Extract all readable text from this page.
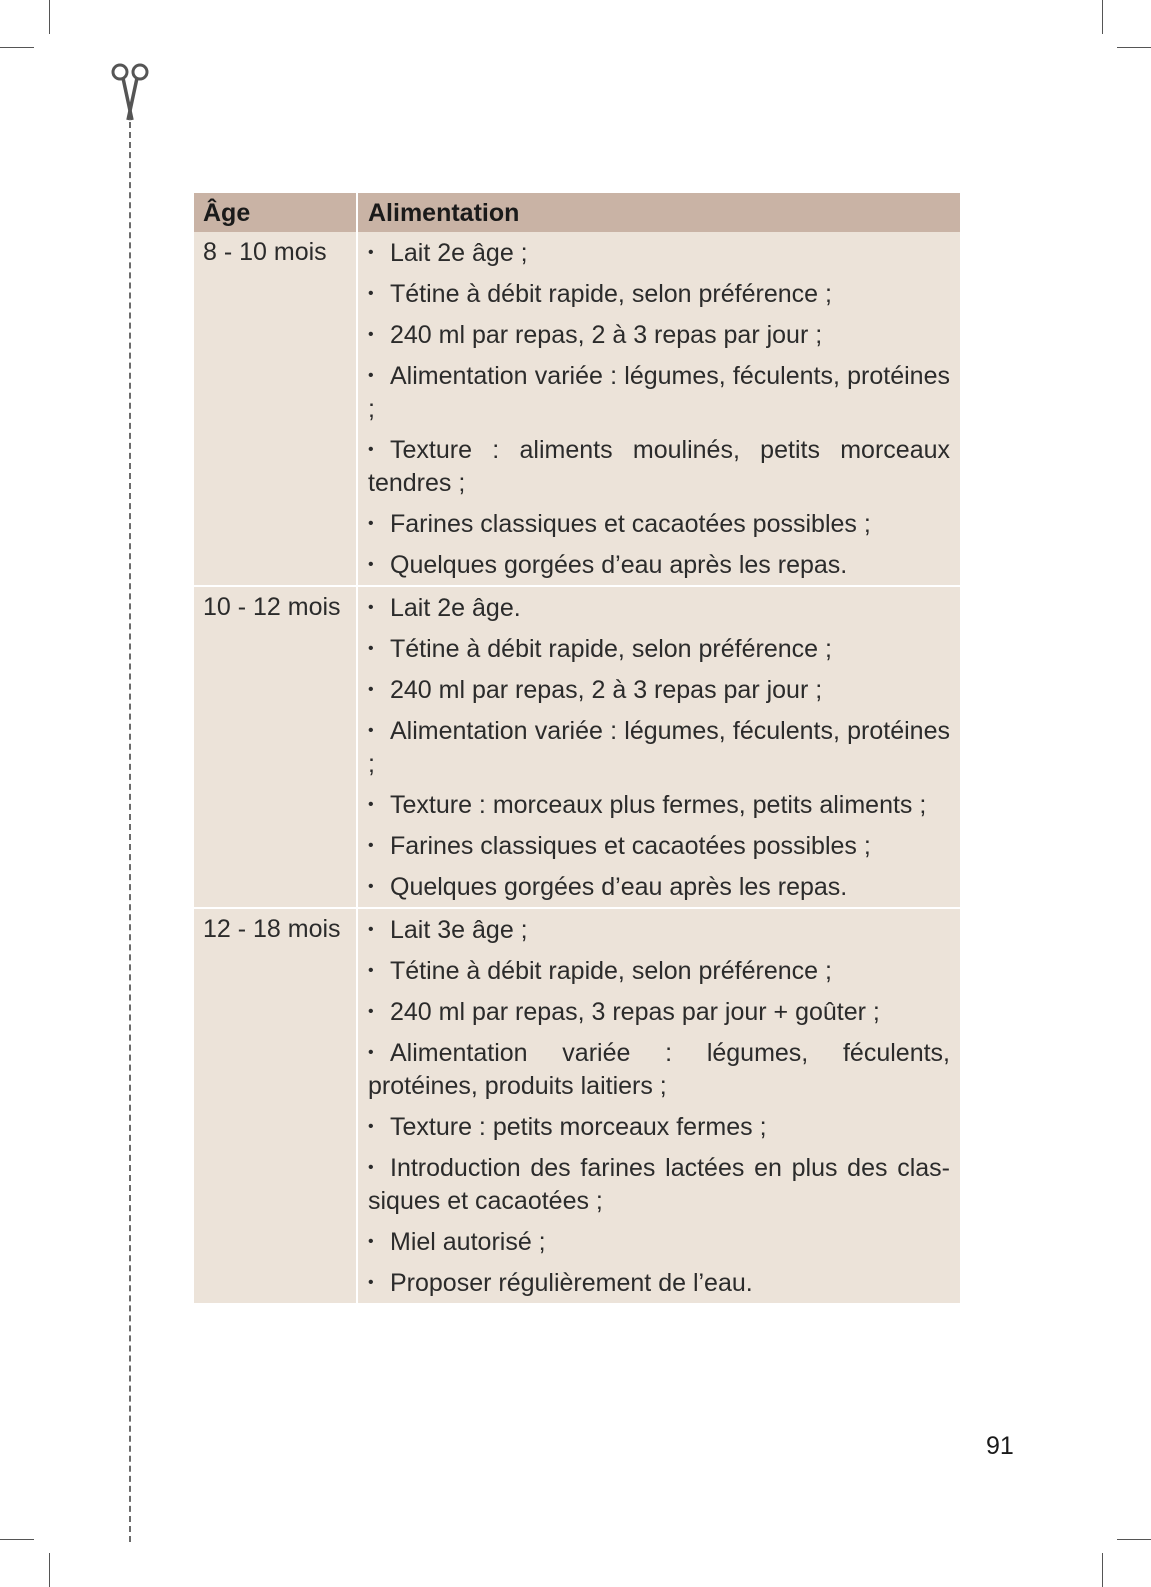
Âge	Alimentation
8 - 10 mois	• Lait 2e âge ;
• Tétine à débit rapide, selon préférence ;
• 240 ml par repas, 2 à 3 repas par jour ;
• Alimentation variée : légumes, féculents, protéines ;
• Texture : aliments moulinés, petits morceaux tendres ;
• Farines classiques et cacaotées possibles ;
• Quelques gorgées d’eau après les repas.
10 - 12 mois	• Lait 2e âge.
• Tétine à débit rapide, selon préférence ;
• 240 ml par repas, 2 à 3 repas par jour ;
• Alimentation variée : légumes, féculents, protéines ;
• Texture : morceaux plus fermes, petits aliments ;
• Farines classiques et cacaotées possibles ;
• Quelques gorgées d’eau après les repas.
12 - 18 mois	• Lait 3e âge ;
• Tétine à débit rapide, selon préférence ;
• 240 ml par repas, 3 repas par jour + goûter ;
• Alimentation variée : légumes, féculents, protéines, produits laitiers ;
• Texture : petits morceaux fermes ;
• Introduction des farines lactées en plus des clas-siques et cacaotées ;
• Miel autorisé ;
• Proposer régulièrement de l’eau.
91
